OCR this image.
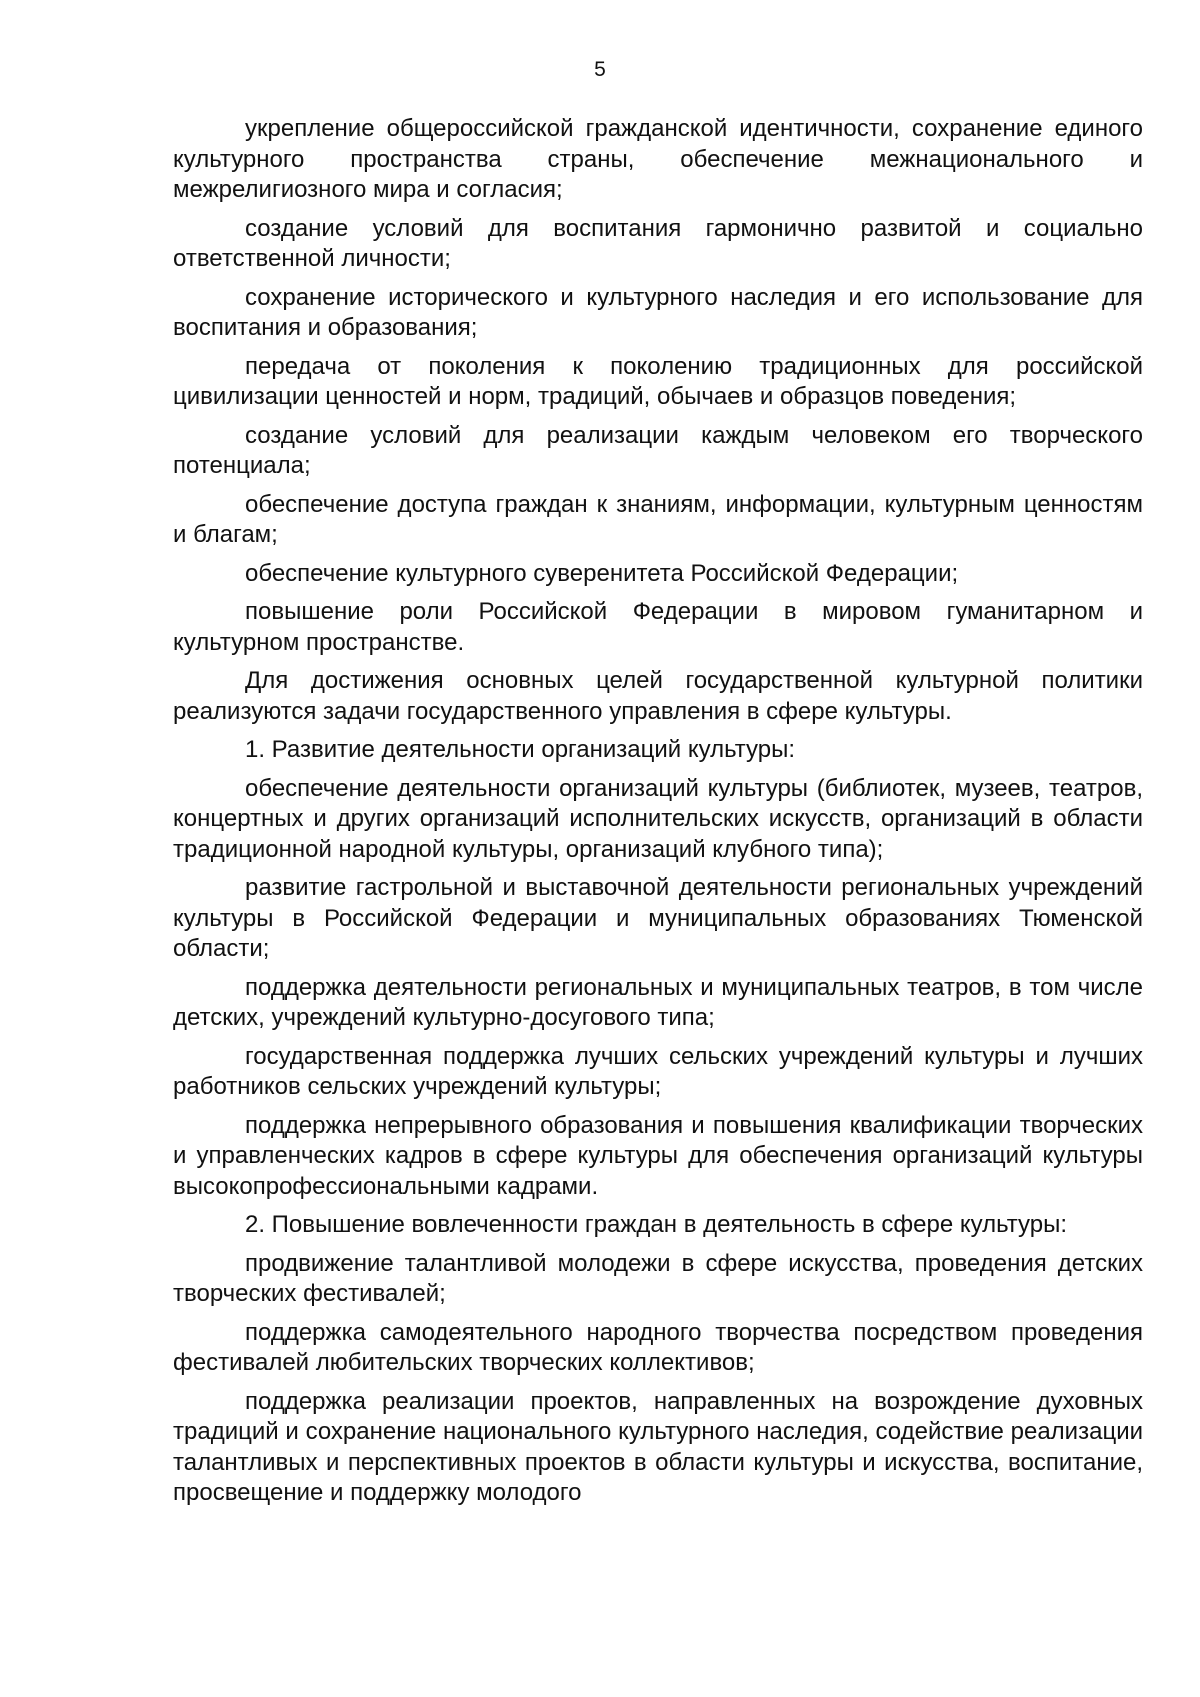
5

укрепление общероссийской гражданской идентичности, сохранение единого культурного пространства страны, обеспечение межнационального и межрелигиозного мира и согласия;

создание условий для воспитания гармонично развитой и социально ответственной личности;

сохранение исторического и культурного наследия и его использование для воспитания и образования;

передача от поколения к поколению традиционных для российской цивилизации ценностей и норм, традиций, обычаев и образцов поведения;

создание условий для реализации каждым человеком его творческого потенциала;

обеспечение доступа граждан к знаниям, информации, культурным ценностям и благам;

обеспечение культурного суверенитета Российской Федерации;

повышение роли Российской Федерации в мировом гуманитарном и культурном пространстве.

Для достижения основных целей государственной культурной политики реализуются задачи государственного управления в сфере культуры.

1. Развитие деятельности организаций культуры:

обеспечение деятельности организаций культуры (библиотек, музеев, театров, концертных и других организаций исполнительских искусств, организаций в области традиционной народной культуры, организаций клубного типа);

развитие гастрольной и выставочной деятельности региональных учреждений культуры в Российской Федерации и муниципальных образованиях Тюменской области;

поддержка деятельности региональных и муниципальных театров, в том числе детских, учреждений культурно-досугового типа;

государственная поддержка лучших сельских учреждений культуры и лучших работников сельских учреждений культуры;

поддержка непрерывного образования и повышения квалификации творческих и управленческих кадров в сфере культуры для обеспечения организаций культуры высокопрофессиональными кадрами.

2. Повышение вовлеченности граждан в деятельность в сфере культуры:

продвижение талантливой молодежи в сфере искусства, проведения детских творческих фестивалей;

поддержка самодеятельного народного творчества посредством проведения фестивалей любительских творческих коллективов;

поддержка реализации проектов, направленных на возрождение духовных традиций и сохранение национального культурного наследия, содействие реализации талантливых и перспективных проектов в области культуры и искусства, воспитание, просвещение и поддержку молодого
